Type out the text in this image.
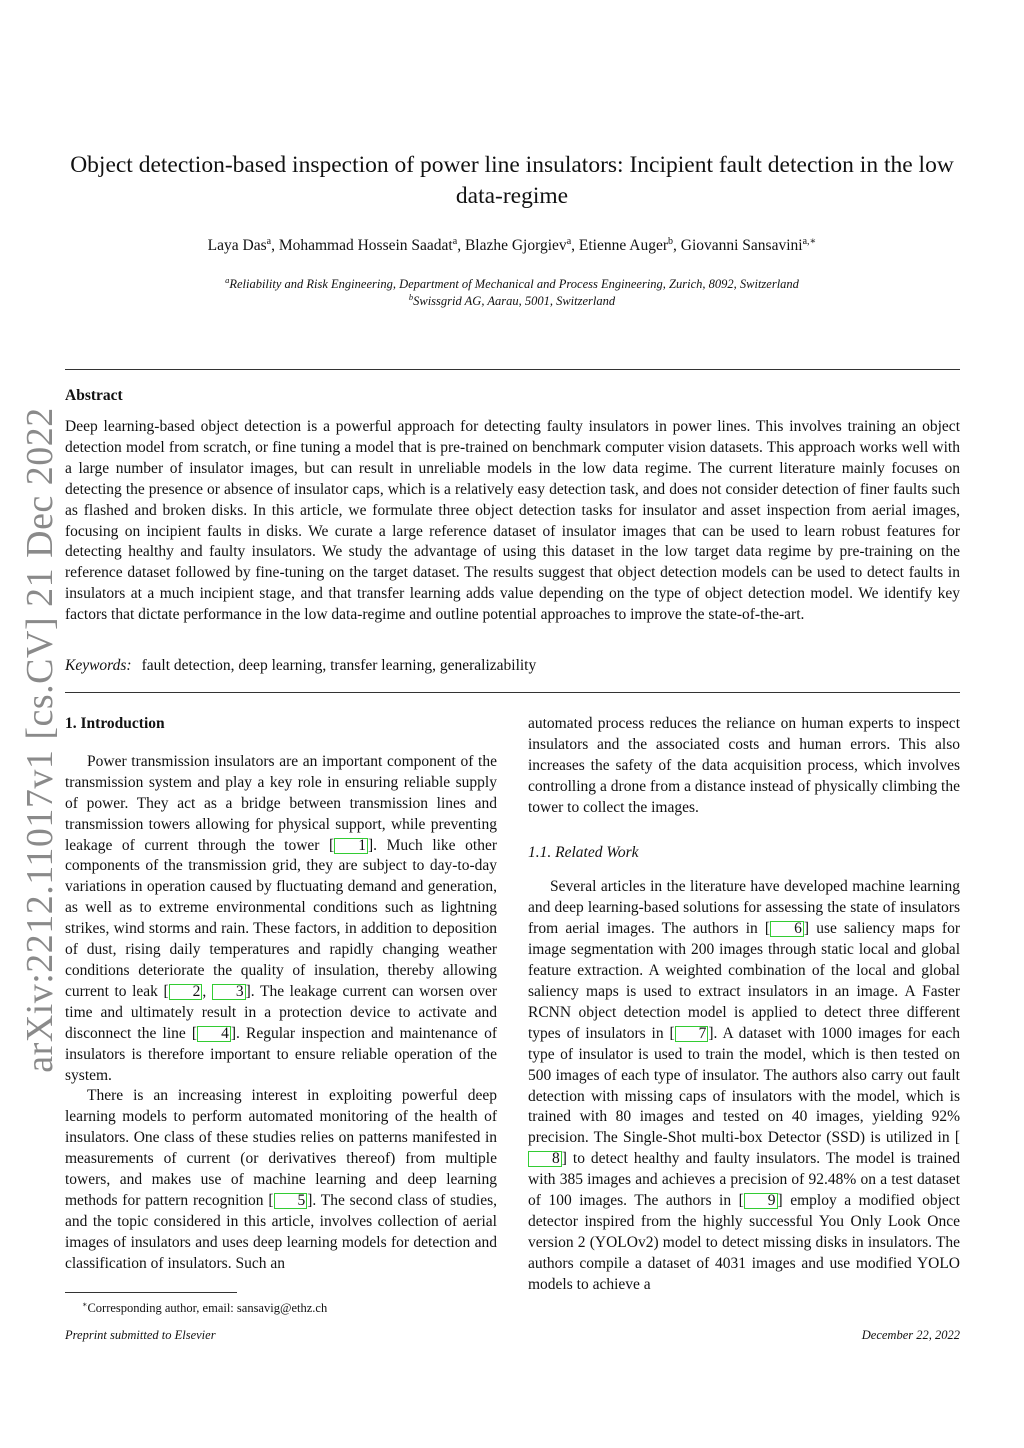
arXiv:2212.11017v1 [cs.CV] 21 Dec 2022
Object detection-based inspection of power line insulators: Incipient fault detection in the low data-regime
Laya Das$^a$, Mohammad Hossein Saadat$^a$, Blazhe Gjorgiev$^a$, Etienne Auger$^b$, Giovanni Sansavini$^{a,∗}$
$^a$Reliability and Risk Engineering, Department of Mechanical and Process Engineering, Zurich, 8092, Switzerland
$^b$Swissgrid AG, Aarau, 5001, Switzerland
Abstract
Deep learning-based object detection is a powerful approach for detecting faulty insulators in power lines. This involves training an object detection model from scratch, or fine tuning a model that is pre-trained on benchmark computer vision datasets. This approach works well with a large number of insulator images, but can result in unreliable models in the low data regime. The current literature mainly focuses on detecting the presence or absence of insulator caps, which is a relatively easy detection task, and does not consider detection of finer faults such as flashed and broken disks. In this article, we formulate three object detection tasks for insulator and asset inspection from aerial images, focusing on incipient faults in disks. We curate a large reference dataset of insulator images that can be used to learn robust features for detecting healthy and faulty insulators. We study the advantage of using this dataset in the low target data regime by pre-training on the reference dataset followed by fine-tuning on the target dataset. The results suggest that object detection models can be used to detect faults in insulators at a much incipient stage, and that transfer learning adds value depending on the type of object detection model. We identify key factors that dictate performance in the low data-regime and outline potential approaches to improve the state-of-the-art.
Keywords: fault detection, deep learning, transfer learning, generalizability

1. Introduction

Power transmission insulators are an important component of the transmission system and play a key role in ensuring reliable supply of power. They act as a bridge between transmission lines and transmission towers allowing for physical support, while preventing leakage of current through the tower [ 1 ]. Much like other components of the transmission grid, they are subject to day-to-day variations in operation caused by fluctuating demand and generation, as well as to extreme environmental conditions such as lightning strikes, wind storms and rain. These factors, in addition to deposition of dust, rising daily temperatures and rapidly changing weather conditions deteriorate the quality of insulation, thereby allowing current to leak [ 2 , 3 ]. The leakage current can worsen over time and ultimately result in a protection device to activate and disconnect the line [ 4 ]. Regular inspection and maintenance of insulators is therefore important to ensure reliable operation of the system.

There is an increasing interest in exploiting powerful deep learning models to perform automated monitoring of the health of insulators. One class of these studies relies on patterns manifested in measurements of current (or derivatives thereof) from multiple towers, and makes use of machine learning and deep learning methods for pattern recognition [ 5 ]. The second class of studies, and the topic considered in this article, involves collection of aerial images of insulators and uses deep learning models for detection and classification of insulators. Such an

automated process reduces the reliance on human experts to inspect insulators and the associated costs and human errors. This also increases the safety of the data acquisition process, which involves controlling a drone from a distance instead of physically climbing the tower to collect the images.

1.1. Related Work

Several articles in the literature have developed machine learning and deep learning-based solutions for assessing the state of insulators from aerial images. The authors in [ 6 ] use saliency maps for image segmentation with 200 images through static local and global feature extraction. A weighted combination of the local and global saliency maps is used to extract insulators in an image. A Faster RCNN object detection model is applied to detect three different types of insulators in [ 7 ]. A dataset with 1000 images for each type of insulator is used to train the model, which is then tested on 500 images of each type of insulator. The authors also carry out fault detection with missing caps of insulators with the model, which is trained with 80 images and tested on 40 images, yielding 92% precision. The Single-Shot multi-box Detector (SSD) is utilized in [8 ] to detect healthy and faulty insulators. The model is trained with 385 images and achieves a precision of 92.48% on a test dataset of 100 images. The authors in [ 9 ] employ a modified object detector inspired from the highly successful You Only Look Once version 2 (YOLOv2) model to detect missing disks in insulators. The authors compile a dataset of 4031 images and use modified YOLO models to achieve a

∗Corresponding author, email: sansavig@ethz.ch
Preprint submitted to Elsevier	December 22, 2022
